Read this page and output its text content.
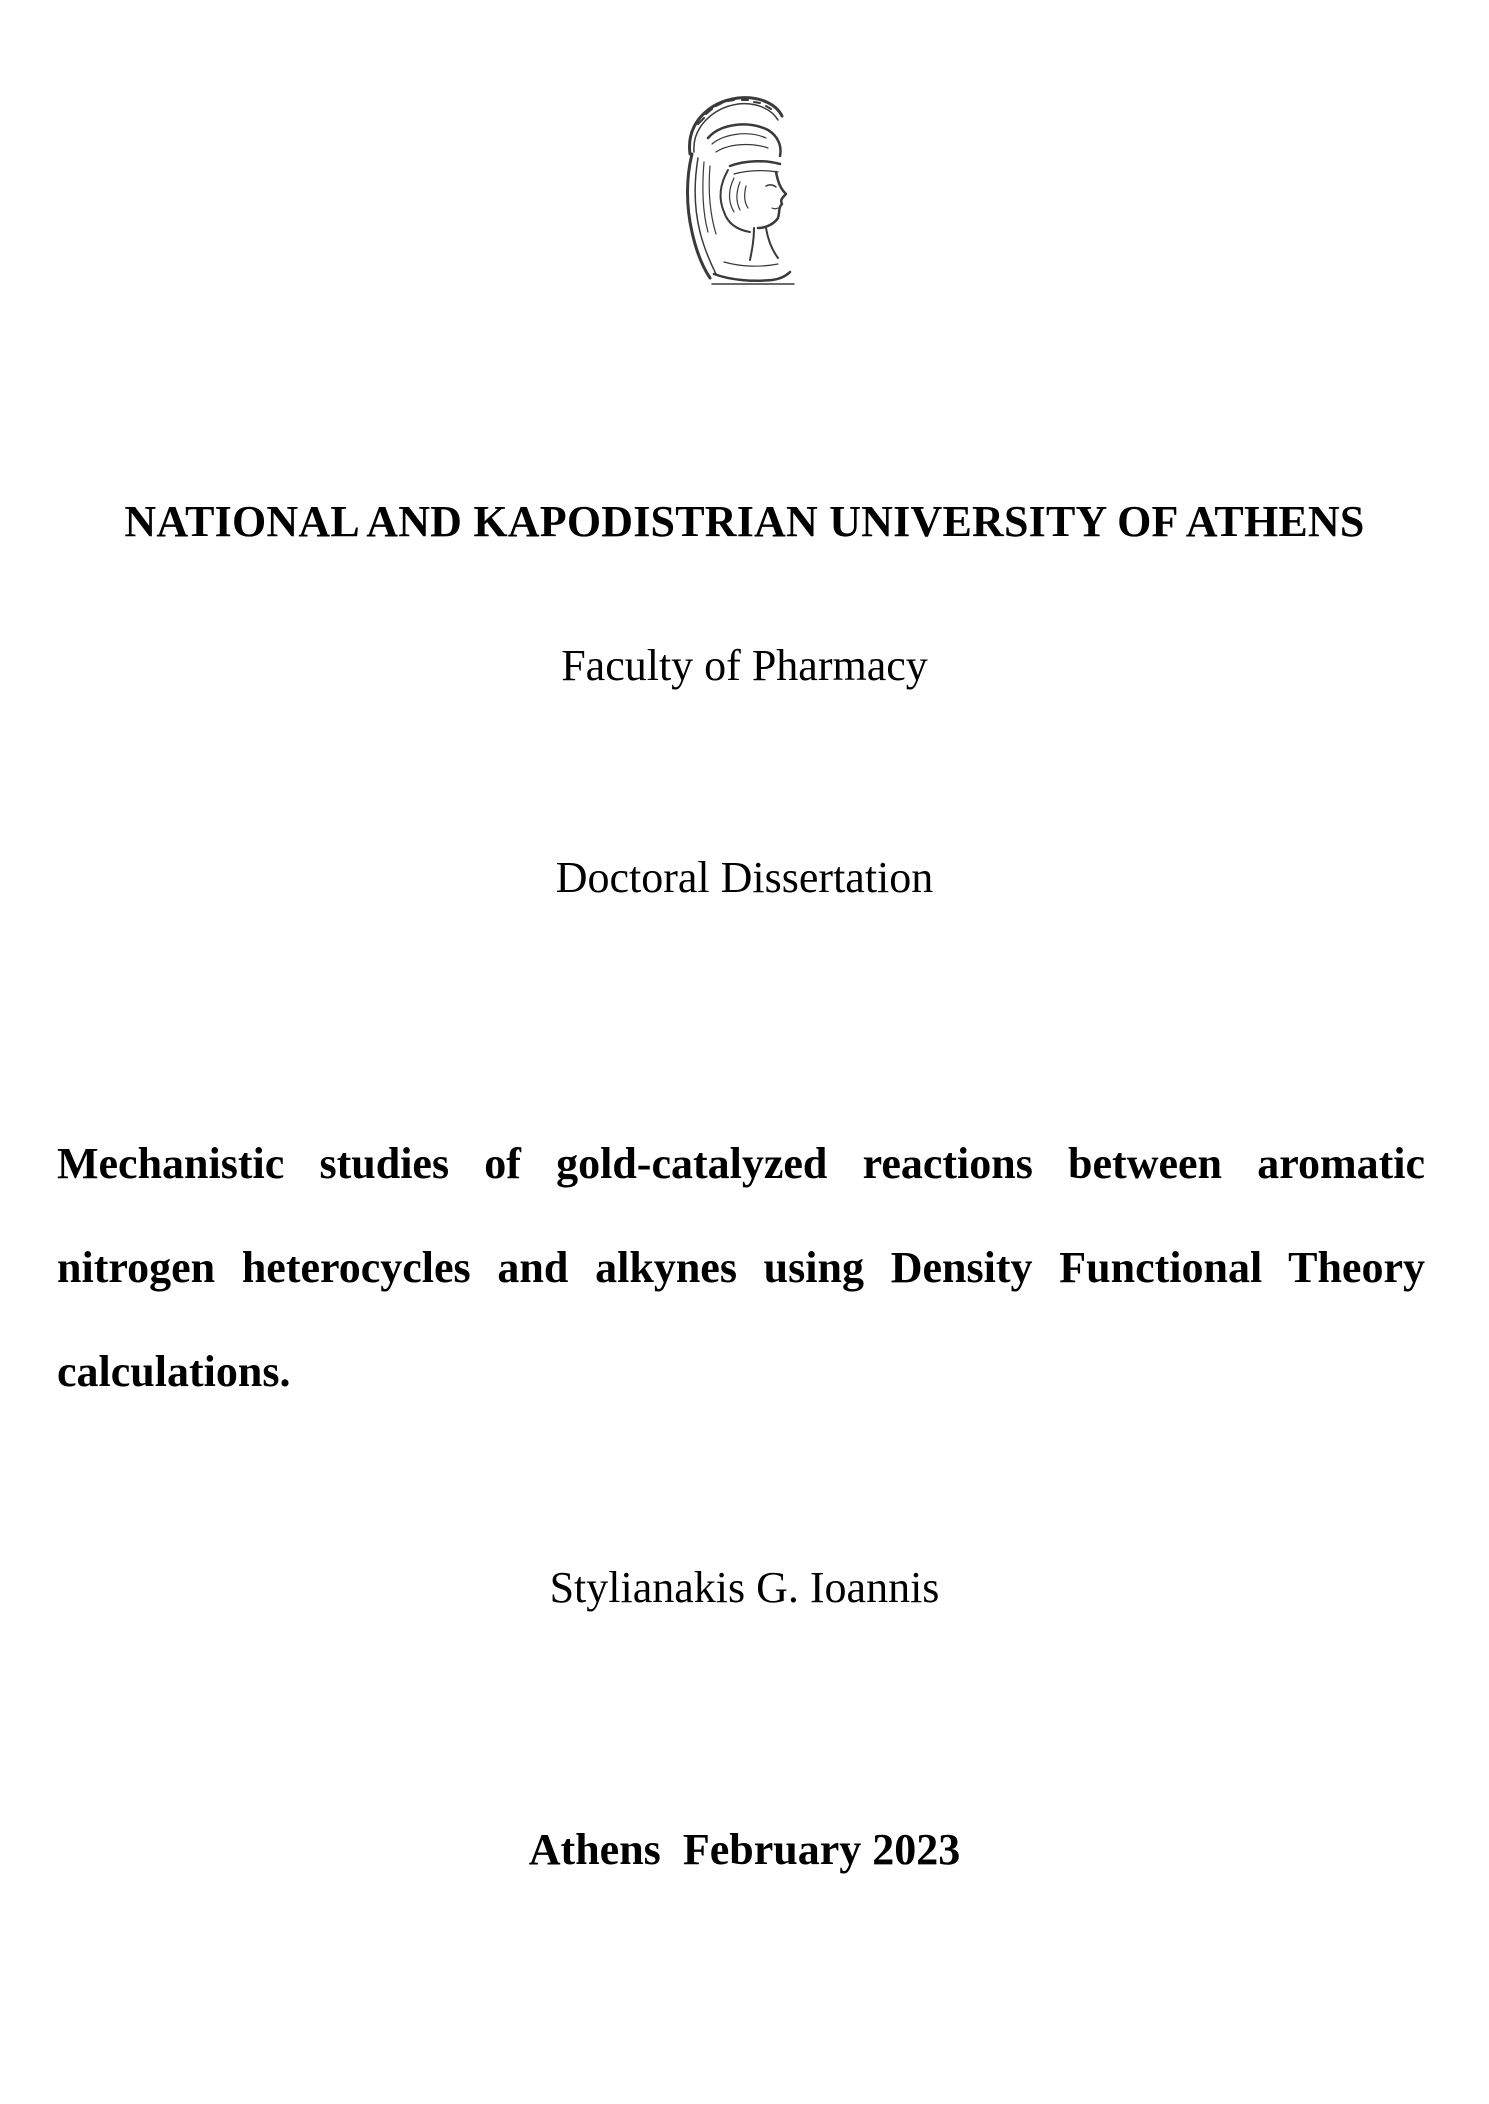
NATIONAL AND KAPODISTRIAN UNIVERSITY OF ATHENS
Faculty of Pharmacy
Doctoral Dissertation
Mechanistic studies of gold-catalyzed reactions between aromatic nitrogen heterocycles and alkynes using Density Functional Theory calculations.
Stylianakis G. Ioannis
Athens February 2023
